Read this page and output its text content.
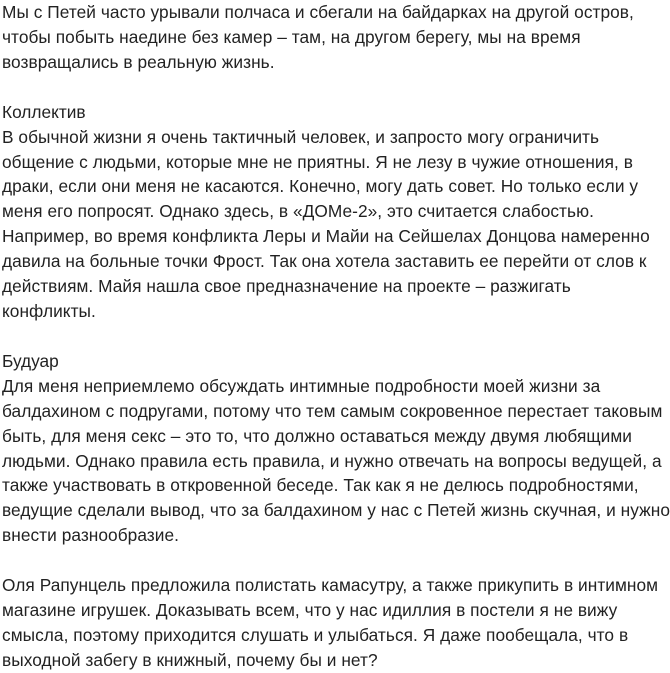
Мы с Петей часто урывали полчаса и сбегали на байдарках на другой остров,
чтобы побыть наедине без камер – там, на другом берегу, мы на время
возвращались в реальную жизнь.

Коллектив

В обычной жизни я очень тактичный человек, и запросто могу ограничить
общение с людьми, которые мне не приятны. Я не лезу в чужие отношения, в
драки, если они меня не касаются. Конечно, могу дать совет. Но только если у
меня его попросят. Однако здесь, в «ДОМе-2», это считается слабостью.
Например, во время конфликта Леры и Майи на Сейшелах Донцова намеренно
давила на больные точки Фрост. Так она хотела заставить ее перейти от слов к
действиям. Майя нашла свое предназначение на проекте – разжигать
конфликты.

Будуар

Для меня неприемлемо обсуждать интимные подробности моей жизни за
балдахином с подругами, потому что тем самым сокровенное перестает таковым
быть, для меня секс – это то, что должно оставаться между двумя любящими
людьми. Однако правила есть правила, и нужно отвечать на вопросы ведущей, а
также участвовать в откровенной беседе. Так как я не делюсь подробностями,
ведущие сделали вывод, что за балдахином у нас с Петей жизнь скучная, и нужно
внести разнообразие.

Оля Рапунцель предложила полистать камасутру, а также прикупить в интимном
магазине игрушек. Доказывать всем, что у нас идиллия в постели я не вижу
смысла, поэтому приходится слушать и улыбаться. Я даже пообещала, что в
выходной забегу в книжный, почему бы и нет?
